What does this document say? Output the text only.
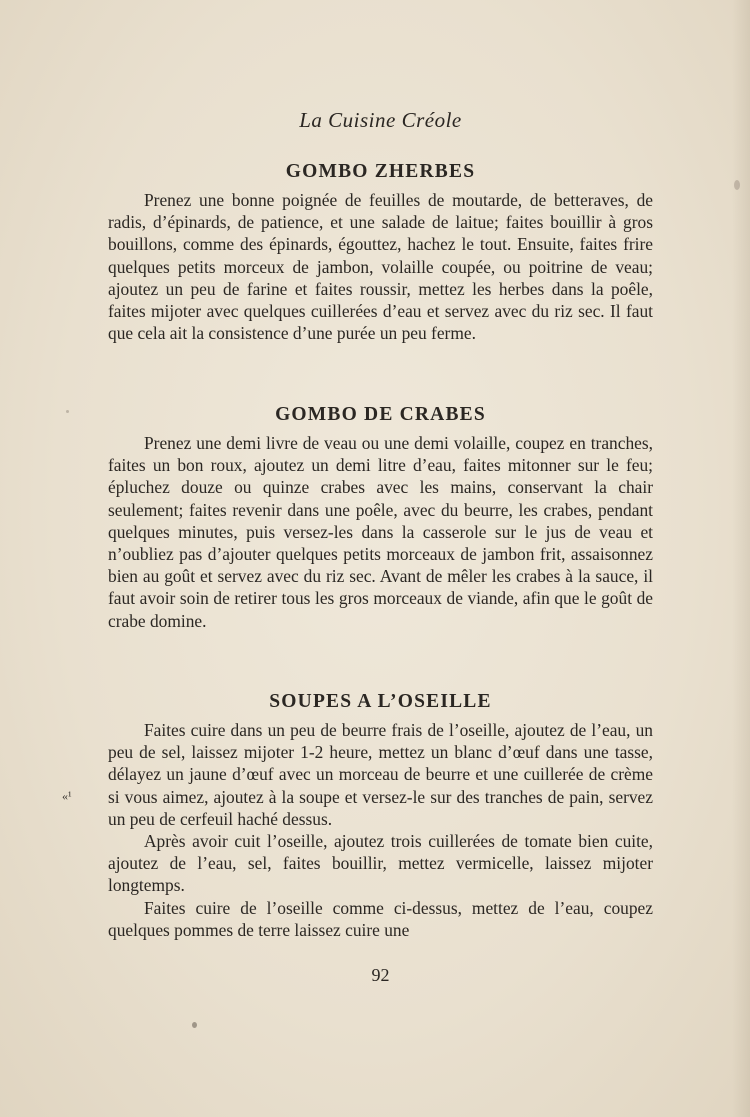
La Cuisine Créole
GOMBO ZHERBES

Prenez une bonne poignée de feuilles de moutarde, de betteraves, de radis, d’épinards, de patience, et une salade de laitue; faites bouillir à gros bouillons, comme des épinards, égouttez, hachez le tout. Ensuite, faites frire quelques petits morceux de jambon, volaille coupée, ou poitrine de veau; ajoutez un peu de farine et faites roussir, mettez les herbes dans la poêle, faites mijoter avec quelques cuillerées d’eau et servez avec du riz sec. Il faut que cela ait la consistence d’une purée un peu ferme.

GOMBO DE CRABES

Prenez une demi livre de veau ou une demi volaille, coupez en tranches, faites un bon roux, ajoutez un demi litre d’eau, faites mitonner sur le feu; épluchez douze ou quinze crabes avec les mains, conservant la chair seulement; faites revenir dans une poêle, avec du beurre, les crabes, pendant quelques minutes, puis versez-les dans la casserole sur le jus de veau et n’oubliez pas d’ajouter quelques petits morceaux de jambon frit, assaisonnez bien au goût et servez avec du riz sec. Avant de mêler les crabes à la sauce, il faut avoir soin de retirer tous les gros morceaux de viande, afin que le goût de crabe domine.

SOUPES A L’OSEILLE

Faites cuire dans un peu de beurre frais de l’oseille, ajoutez de l’eau, un peu de sel, laissez mijoter 1-2 heure, mettez un blanc d’œuf dans une tasse, délayez un jaune d’œuf avec un morceau de beurre et une cuillerée de crème si vous aimez, ajoutez à la soupe et versez-le sur des tranches de pain, servez un peu de cerfeuil haché dessus.

Après avoir cuit l’oseille, ajoutez trois cuillerées de tomate bien cuite, ajoutez de l’eau, sel, faites bouillir, mettez vermicelle, laissez mijoter longtemps.

Faites cuire de l’oseille comme ci-dessus, mettez de l’eau, coupez quelques pommes de terre laissez cuire une

92
«¹
